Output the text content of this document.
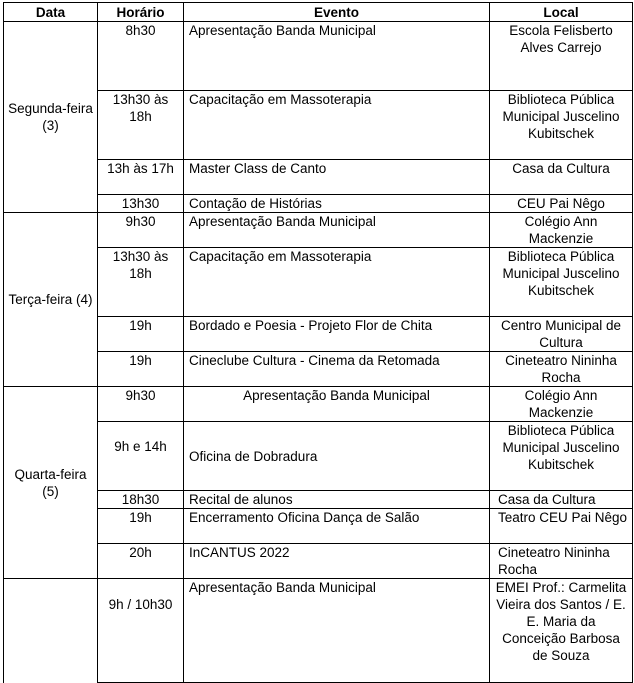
Data	Horário	Evento	Local
Segunda-feira (3)	8h30	Apresentação Banda Municipal	Escola Felisberto Alves Carrejo
	13h30 às 18h	Capacitação em Massoterapia	Biblioteca Pública Municipal Juscelino Kubitschek
	13h às 17h	Master Class de Canto	Casa da Cultura
	13h30	Contação de Histórias	CEU Pai Nêgo
Terça-feira (4)	9h30	Apresentação Banda Municipal	Colégio Ann Mackenzie
	13h30 às 18h	Capacitação em Massoterapia	Biblioteca Pública Municipal Juscelino Kubitschek
	19h	Bordado e Poesia - Projeto Flor de Chita	Centro Municipal de Cultura
	19h	Cineclube Cultura - Cinema da Retomada	Cineteatro Nininha Rocha
Quarta-feira (5)	9h30	Apresentação Banda Municipal	Colégio Ann Mackenzie
	9h e 14h	Oficina de Dobradura	Biblioteca Pública Municipal Juscelino Kubitschek
	18h30	Recital de alunos	Casa da Cultura
	19h	Encerramento Oficina Dança de Salão	Teatro CEU Pai Nêgo
	20h	InCANTUS 2022	Cineteatro Nininha Rocha
	9h / 10h30	Apresentação Banda Municipal	EMEI Prof.: Carmelita Vieira dos Santos / E. E. Maria da Conceição Barbosa de Souza
